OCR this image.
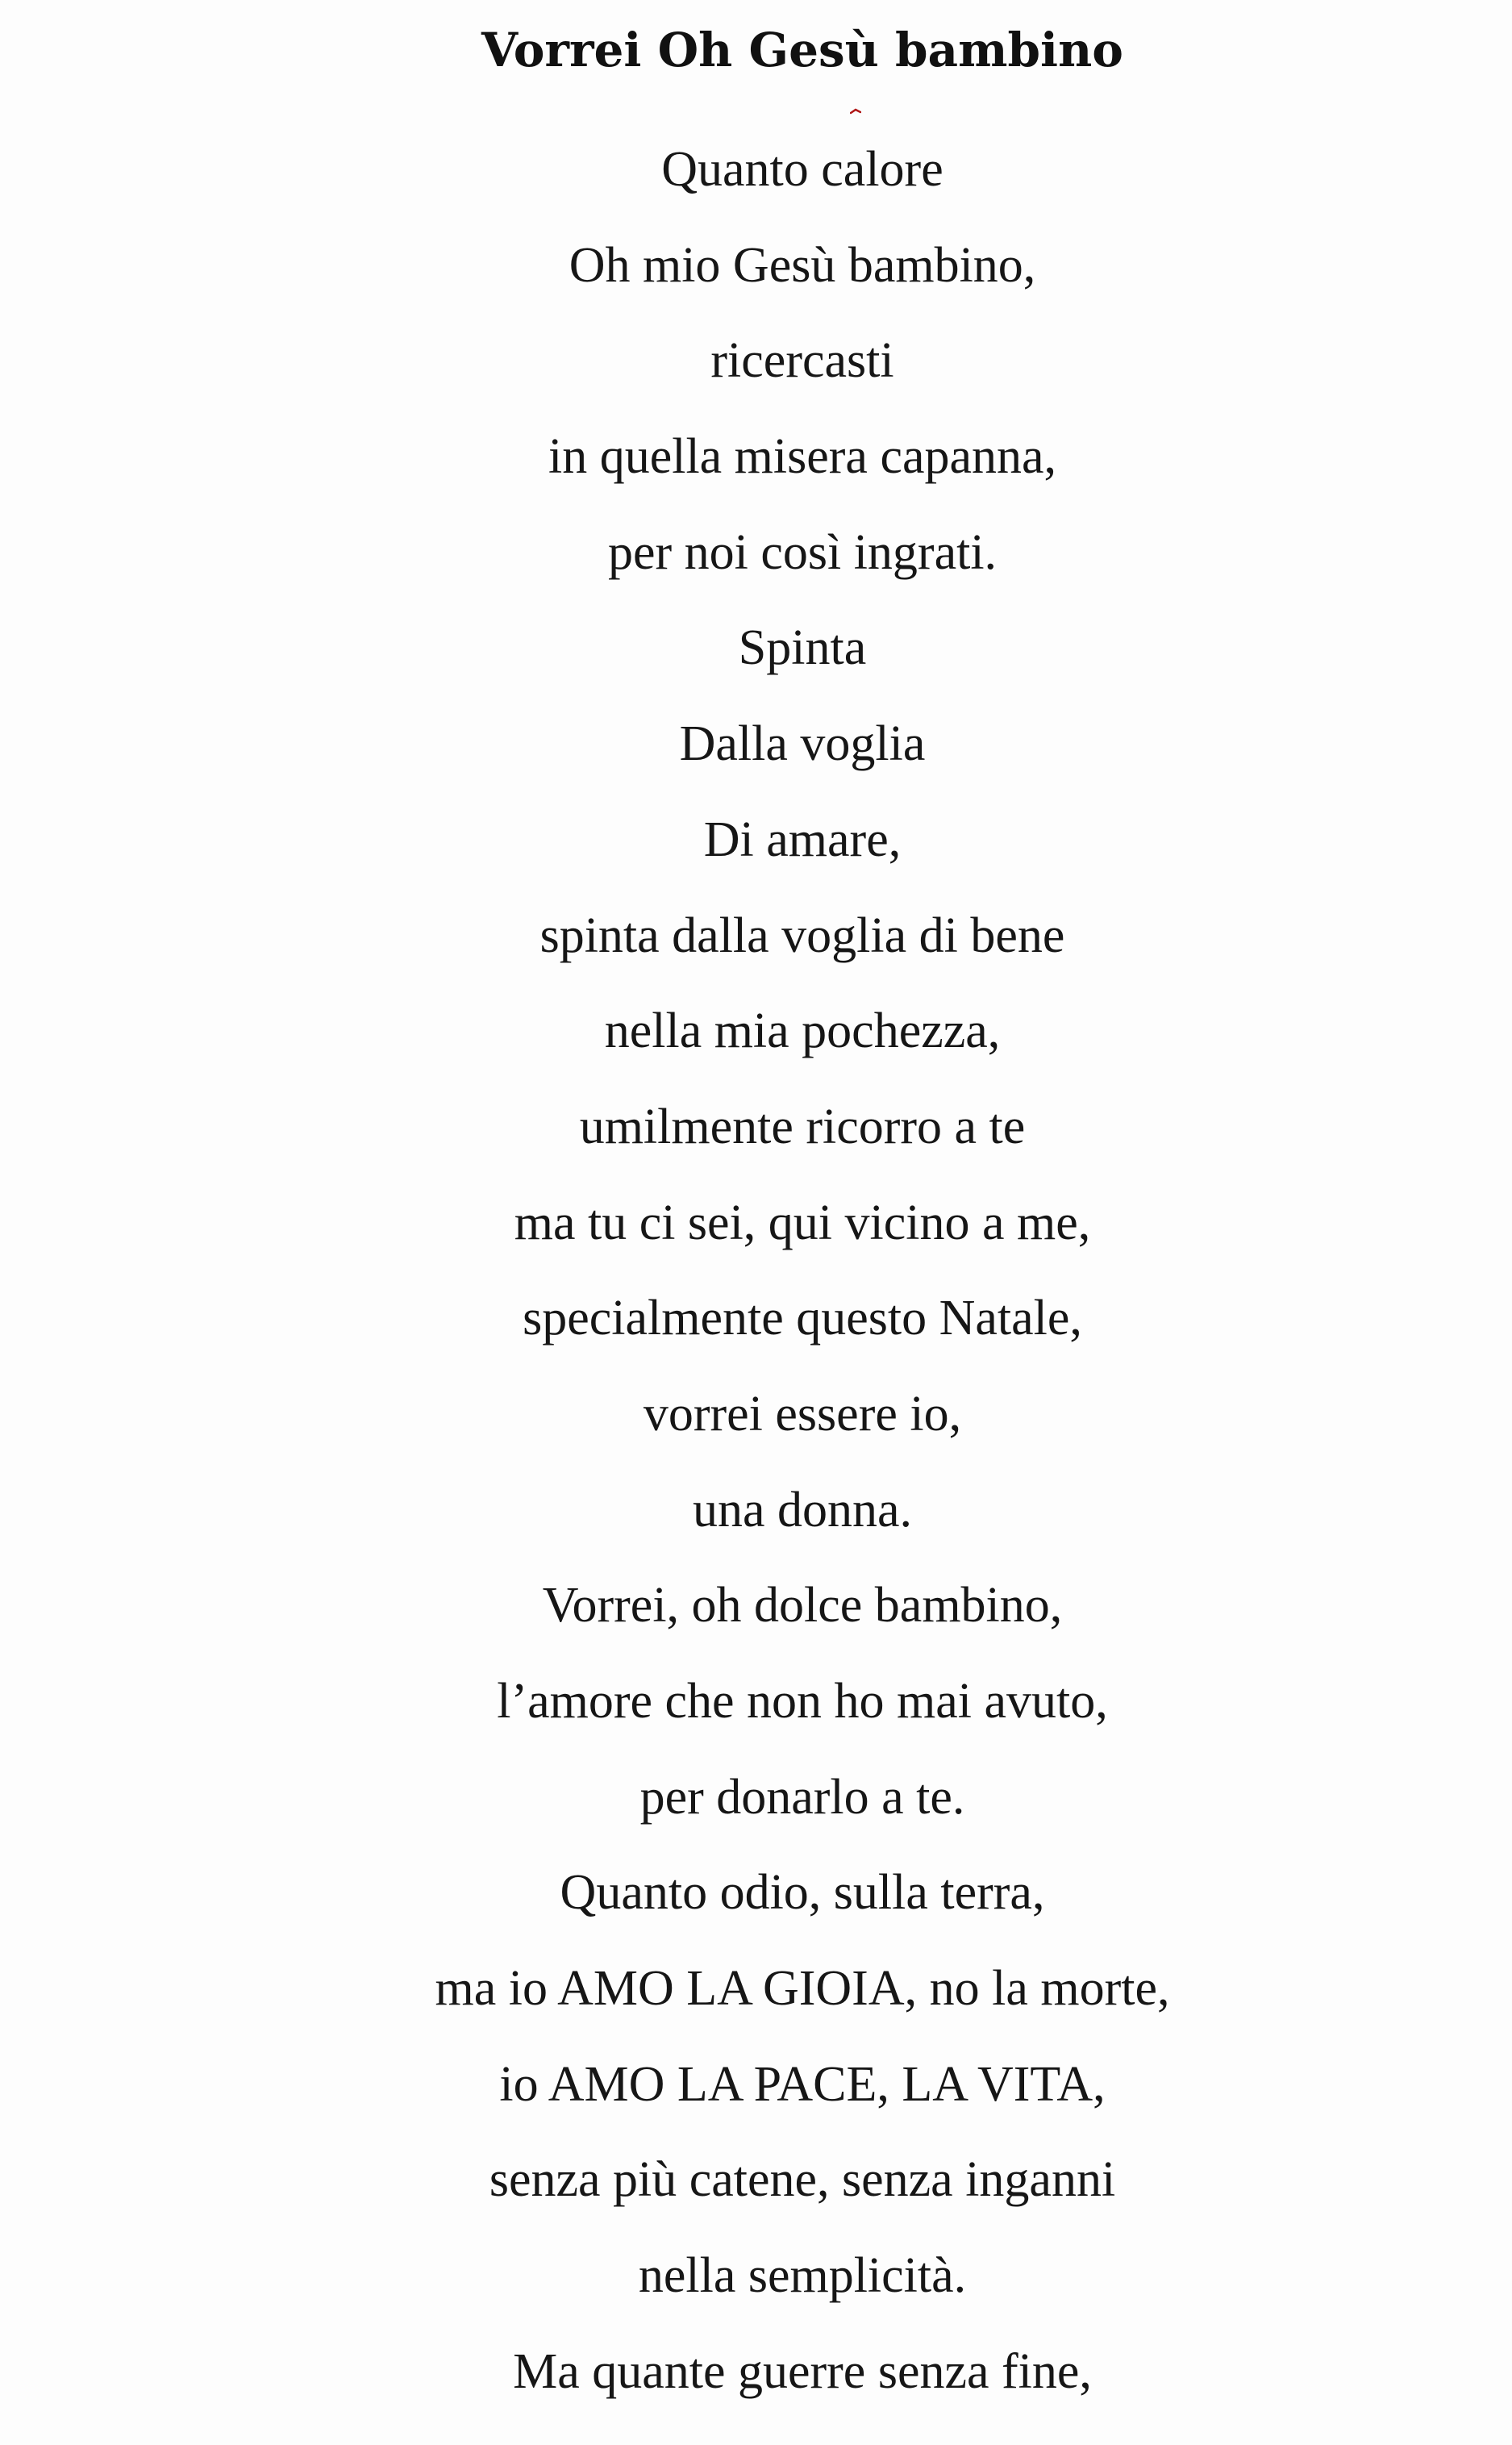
Vorrei Oh Gesù bambino
Quanto calore
Oh mio Gesù bambino,
ricercasti
in quella misera capanna,
per noi così ingrati.
Spinta
Dalla voglia
Di amare,
spinta dalla voglia di bene
nella mia pochezza,
umilmente ricorro a te
ma tu ci sei, qui vicino a me,
specialmente questo Natale,
vorrei essere io,
una donna.
Vorrei, oh dolce bambino,
l’amore che non ho mai avuto,
per donarlo a te.
Quanto odio, sulla terra,
ma io AMO LA GIOIA, no la morte,
io AMO LA PACE, LA VITA,
senza più catene, senza inganni
nella semplicità.
Ma quante guerre senza fine,
